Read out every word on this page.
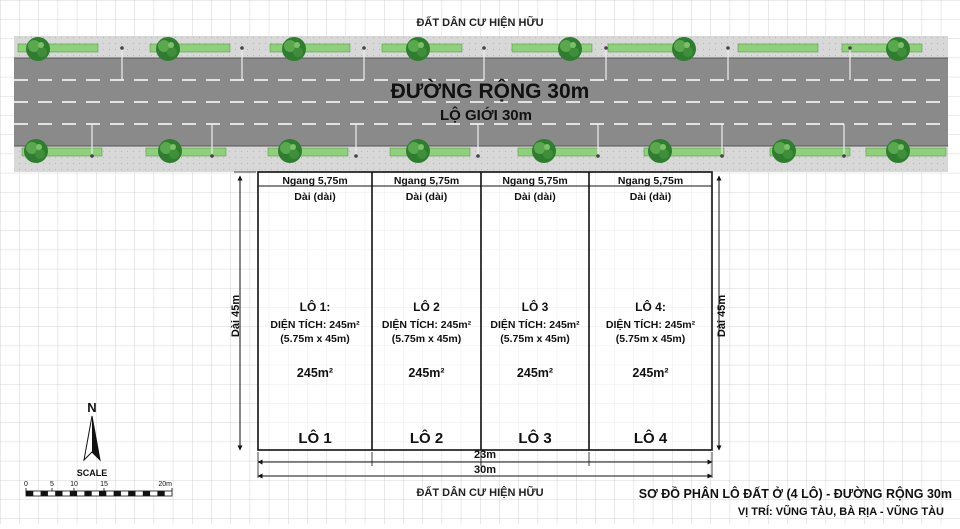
ĐẤT DÂN CƯ HIỆN HỮU
ĐƯỜNG RỘNG 30m
LỘ GIỚI 30m
Ngang 5,75m
Dài (dài)
LÔ 1:
DIỆN TÍCH: 245m²
(5.75m x 45m)
245m²
LÔ 1
Ngang 5,75m
Dài (dài)
LÔ 2
DIỆN TÍCH: 245m²
(5.75m x 45m)
245m²
LÔ 2
Ngang 5,75m
Dài (dài)
LÔ 3
DIỆN TÍCH: 245m²
(5.75m x 45m)
245m²
LÔ 3
Ngang 5,75m
Dài (dài)
LÔ 4:
DIỆN TÍCH: 245m²
(5.75m x 45m)
245m²
LÔ 4
Dài 45m	Dài 45m
23m
30m
ĐẤT DÂN CƯ HIỆN HỮU
N
SCALE
0	5 10	15	20m
SƠ ĐỒ PHÂN LÔ ĐẤT Ở (4 LÔ) - ĐƯỜNG RỘNG 30m
VỊ TRÍ: VŨNG TÀU, BÀ RỊA - VŨNG TÀU
